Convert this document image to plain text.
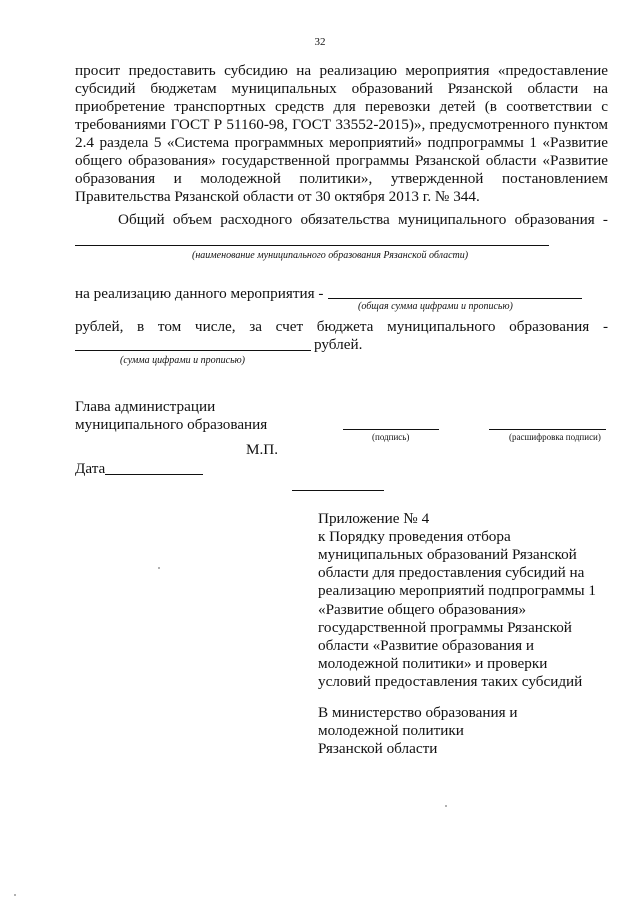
32
просит предоставить субсидию на реализацию мероприятия «предоставление
субсидий бюджетам муниципальных образований Рязанской области на
приобретение транспортных средств для перевозки детей (в соответствии с
требованиями ГОСТ Р 51160-98, ГОСТ 33552-2015)», предусмотренного пунктом
2.4 раздела 5 «Система программных мероприятий» подпрограммы 1 «Развитие
общего образования» государственной программы Рязанской области «Развитие
образования и молодежной политики», утвержденной постановлением
Правительства Рязанской области от 30 октября 2013 г. № 344.
Общий объем расходного обязательства муниципального образования -
(наименование муниципального образования Рязанской области)
на реализацию данного мероприятия -
(общая сумма цифрами и прописью)
рублей, в том числе, за счет бюджета муниципального образования -
рублей.
(сумма цифрами и прописью)
Глава администрации
муниципального образования
(подпись)	(расшифровка подписи)
М.П.
Дата
Приложение № 4
к Порядку проведения отбора
муниципальных образований Рязанской
области для предоставления субсидий на
реализацию мероприятий подпрограммы 1
«Развитие общего образования»
государственной программы Рязанской
области «Развитие образования и
молодежной политики» и проверки
условий предоставления таких субсидий
В министерство образования и
молодежной политики
Рязанской области
